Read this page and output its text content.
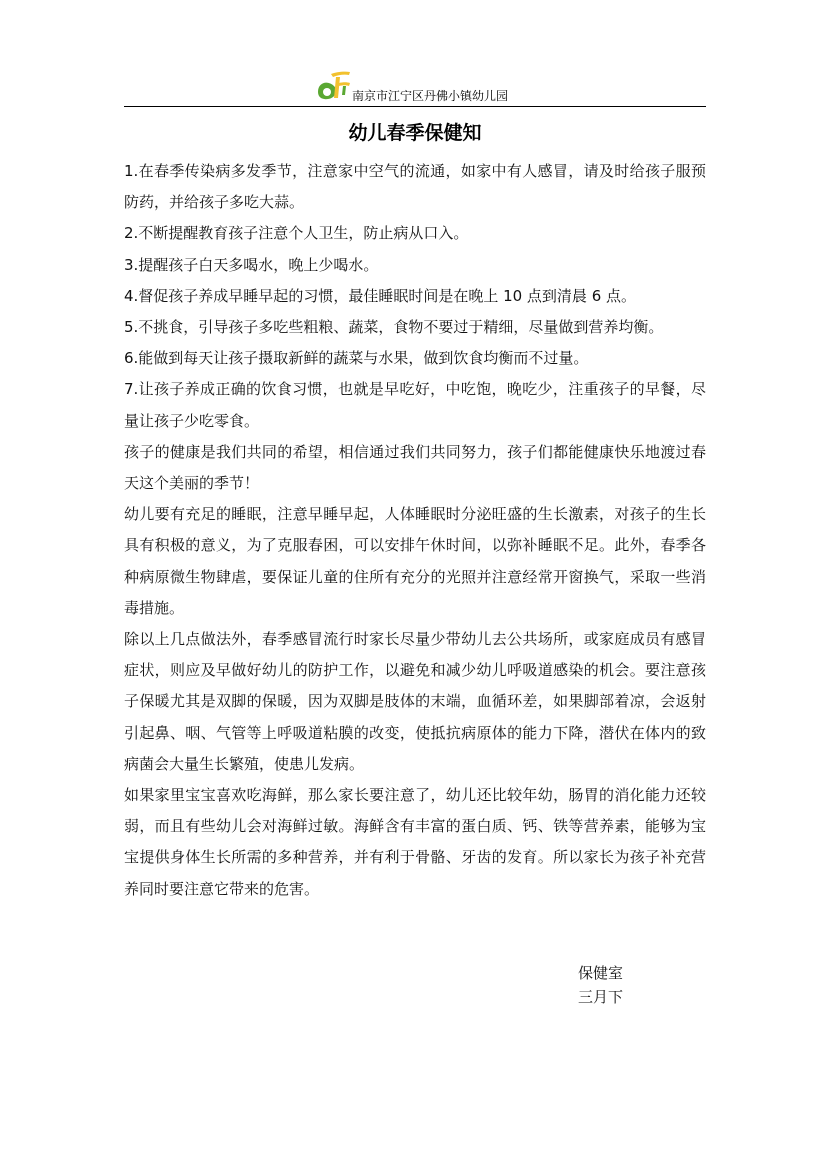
南京市江宁区丹佛小镇幼儿园
幼儿春季保健知

1.在春季传染病多发季节，注意家中空气的流通，如家中有人感冒，请及时给孩子服预防药，并给孩子多吃大蒜。

2.不断提醒教育孩子注意个人卫生，防止病从口入。

3.提醒孩子白天多喝水，晚上少喝水。

4.督促孩子养成早睡早起的习惯，最佳睡眠时间是在晚上 10 点到清晨 6 点。

5.不挑食，引导孩子多吃些粗粮、蔬菜，食物不要过于精细，尽量做到营养均衡。

6.能做到每天让孩子摄取新鲜的蔬菜与水果，做到饮食均衡而不过量。

7.让孩子养成正确的饮食习惯，也就是早吃好，中吃饱，晚吃少，注重孩子的早餐，尽量让孩子少吃零食。

孩子的健康是我们共同的希望，相信通过我们共同努力，孩子们都能健康快乐地渡过春天这个美丽的季节！

幼儿要有充足的睡眠，注意早睡早起，人体睡眠时分泌旺盛的生长激素，对孩子的生长具有积极的意义，为了克服春困，可以安排午休时间，以弥补睡眠不足。此外，春季各种病原微生物肆虐，要保证儿童的住所有充分的光照并注意经常开窗换气，采取一些消毒措施。

除以上几点做法外，春季感冒流行时家长尽量少带幼儿去公共场所，或家庭成员有感冒症状，则应及早做好幼儿的防护工作，以避免和减少幼儿呼吸道感染的机会。要注意孩子保暖尤其是双脚的保暖，因为双脚是肢体的末端，血循环差，如果脚部着凉，会返射引起鼻、咽、气管等上呼吸道粘膜的改变，使抵抗病原体的能力下降，潜伏在体内的致病菌会大量生长繁殖，使患儿发病。

如果家里宝宝喜欢吃海鲜，那么家长要注意了，幼儿还比较年幼，肠胃的消化能力还较弱，而且有些幼儿会对海鲜过敏。海鲜含有丰富的蛋白质、钙、铁等营养素，能够为宝宝提供身体生长所需的多种营养，并有利于骨骼、牙齿的发育。所以家长为孩子补充营养同时要注意它带来的危害。

保健室
三月下
